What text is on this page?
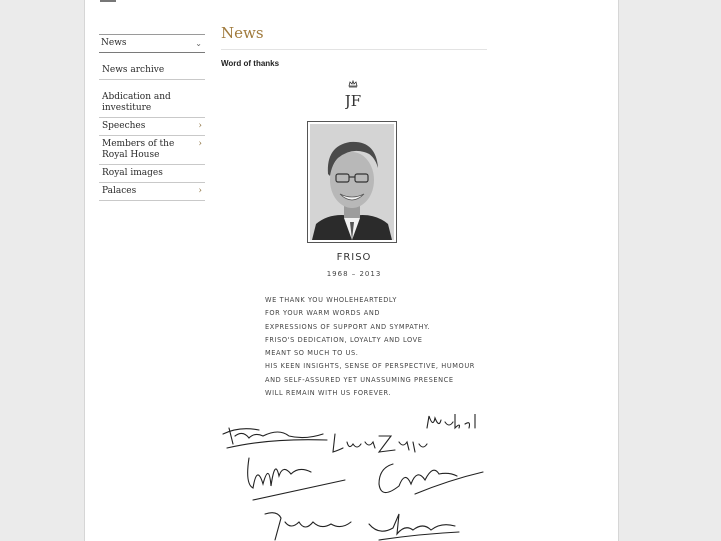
News	⌄
News archive
Abdication and investiture
Speeches	›
Members of the Royal House
›
Royal images
Palaces	›
News
Word of thanks
JF
FRISO
1968 – 2013
WE THANK YOU WHOLEHEARTEDLY
FOR YOUR WARM WORDS AND
EXPRESSIONS OF SUPPORT AND SYMPATHY.
FRISO'S DEDICATION, LOYALTY AND LOVE
MEANT SO MUCH TO US.
HIS KEEN INSIGHTS, SENSE OF PERSPECTIVE, HUMOUR
AND SELF-ASSURED YET UNASSUMING PRESENCE
WILL REMAIN WITH US FOREVER.
